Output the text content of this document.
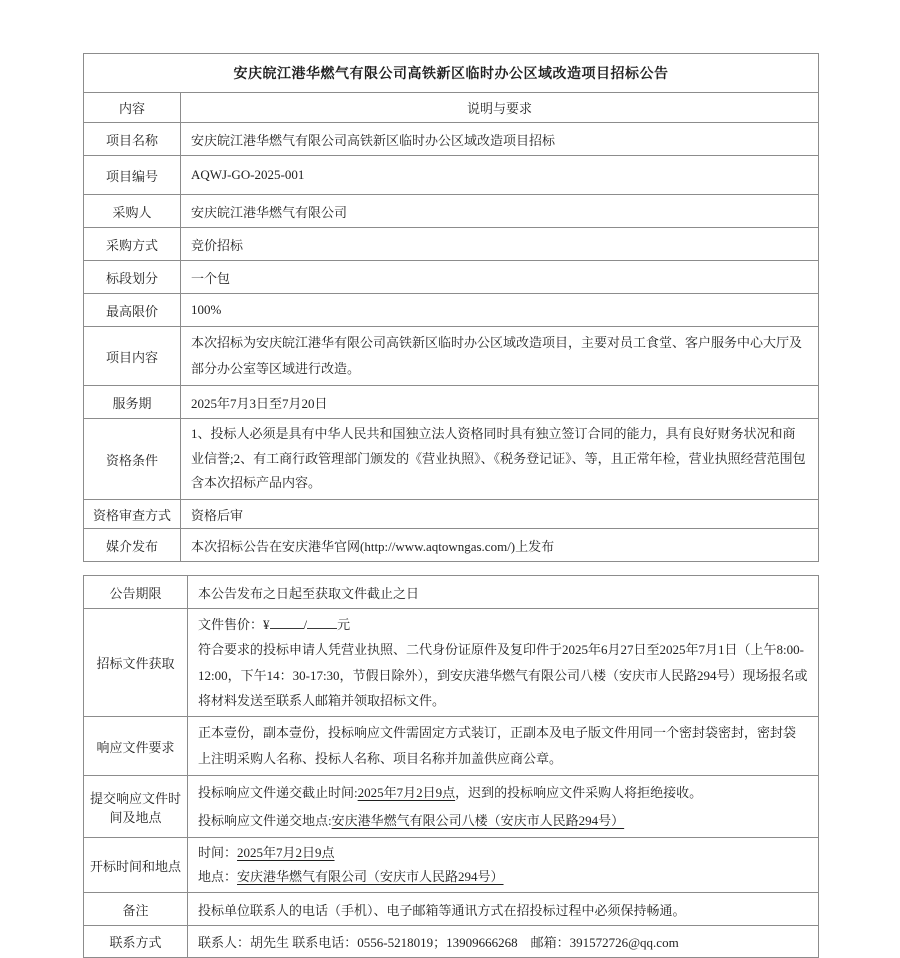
安庆皖江港华燃气有限公司高铁新区临时办公区域改造项目招标公告	
内容	说明与要求
项目名称	安庆皖江港华燃气有限公司高铁新区临时办公区域改造项目招标
项目编号	AQWJ-GO-2025-001
采购人	安庆皖江港华燃气有限公司
采购方式	竞价招标
标段划分	一个包
最高限价	100%
项目内容	本次招标为安庆皖江港华有限公司高铁新区临时办公区域改造项目，主要对员工食堂、客户服务中心大厅及部分办公室等区域进行改造。
服务期	2025年7月3日至7月20日
资格条件	1、投标人必须是具有中华人民共和国独立法人资格同时具有独立签订合同的能力，具有良好财务状况和商业信誉;2、有工商行政管理部门颁发的《营业执照》、《税务登记证》、等，且正常年检，营业执照经营范围包含本次招标产品内容。
资格审查方式	资格后审
媒介发布	本次招标公告在安庆港华官网(http://www.aqtowngas.com/)上发布
公告期限	本公告发布之日起至获取文件截止之日
招标文件获取	文件售价：¥ / 元
符合要求的投标申请人凭营业执照、二代身份证原件及复印件于2025年6月27日至2025年7月1日（上午8:00-12:00，下午14：30-17:30，节假日除外），到安庆港华燃气有限公司八楼（安庆市人民路294号）现场报名或将材料发送至联系人邮箱并领取招标文件。

响应文件要求	正本壹份，副本壹份，投标响应文件需固定方式装订，正副本及电子版文件用同一个密封袋密封，密封袋上注明采购人名称、投标人名称、项目名称并加盖供应商公章。
提交响应文件时间及地点	投标响应文件递交截止时间:2025年7月2日9点，迟到的投标响应文件采购人将拒绝接收。
投标响应文件递交地点:安庆港华燃气有限公司八楼（安庆市人民路294号）

开标时间和地点	时间：2025年7月2日9点
地点：安庆港华燃气有限公司（安庆市人民路294号）

备注	投标单位联系人的电话（手机）、电子邮箱等通讯方式在招投标过程中必须保持畅通。
联系方式	联系人：胡先生 联系电话：0556-5218019；13909666268　邮箱：391572726@qq.com
